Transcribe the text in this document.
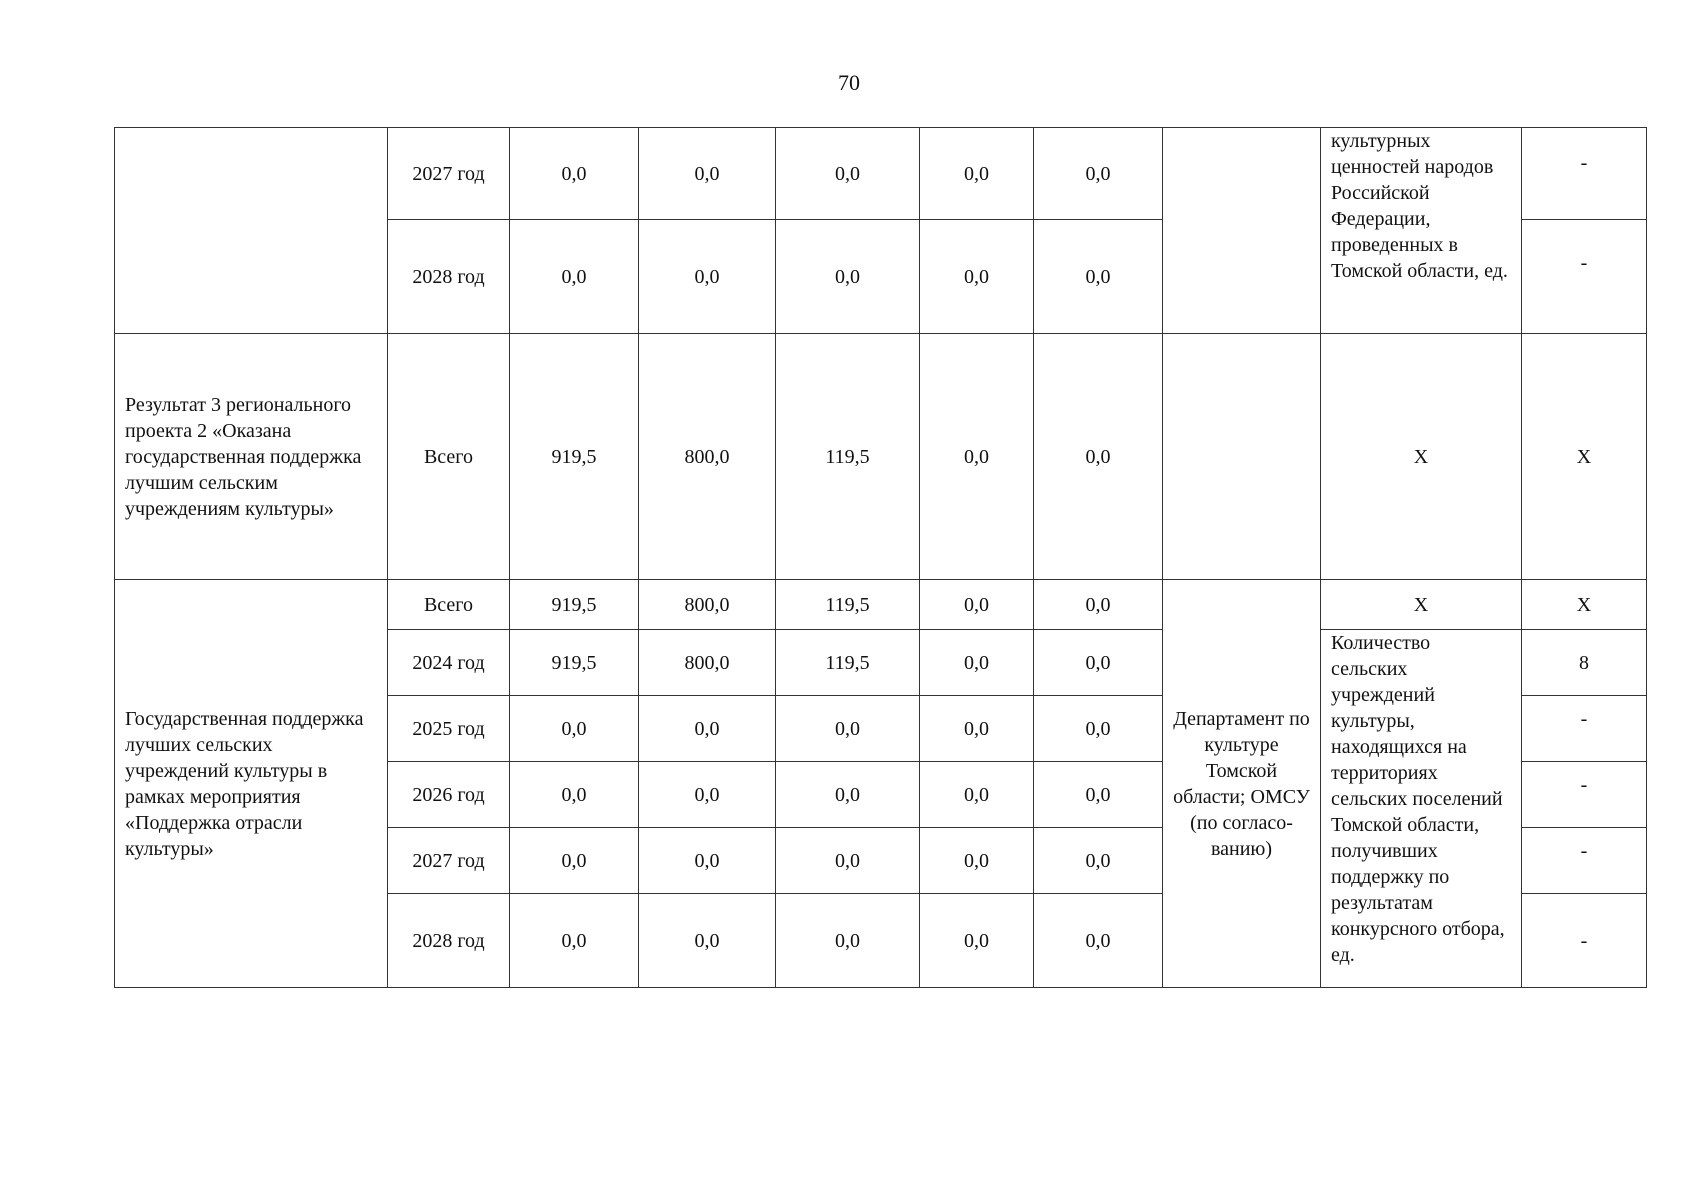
70
	2027 год	0,0	0,0	0,0	0,0	0,0		культурных ценностей народов Российской Федерации, проведенных в Томской области, ед.	-
	2028 год	0,0	0,0	0,0	0,0	0,0			-
Результат 3 регионального проекта 2 «Оказана государственная поддержка лучшим сельским учреждениям культуры»	Всего	919,5	800,0	119,5	0,0	0,0		Х	Х
Государственная поддержка лучших сельских учреждений культуры в рамках мероприятия «Поддержка отрасли культуры»	Всего	919,5	800,0	119,5	0,0	0,0	Департамент по культуре Томской области; ОМСУ (по согласо-ванию)	Х	Х
	2024 год	919,5	800,0	119,5	0,0	0,0		Количество сельских учреждений культуры, находящихся на территориях сельских поселений Томской области, получивших поддержку по результатам конкурсного отбора, ед.	8
	2025 год	0,0	0,0	0,0	0,0	0,0			-
	2026 год	0,0	0,0	0,0	0,0	0,0			-
	2027 год	0,0	0,0	0,0	0,0	0,0			-
	2028 год	0,0	0,0	0,0	0,0	0,0			-
